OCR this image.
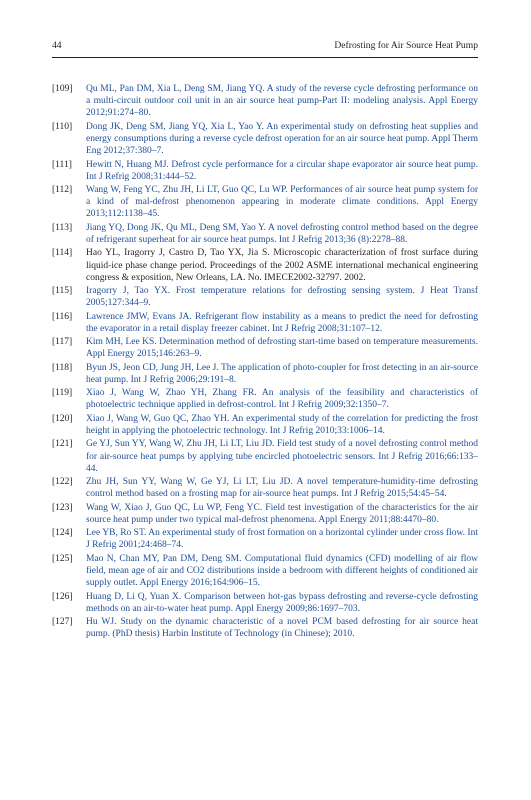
44	Defrosting for Air Source Heat Pump
[109] Qu ML, Pan DM, Xia L, Deng SM, Jiang YQ. A study of the reverse cycle defrosting performance on a multi-circuit outdoor coil unit in an air source heat pump-Part II: modeling analysis. Appl Energy 2012;91:274–80.
[110] Dong JK, Deng SM, Jiang YQ, Xia L, Yao Y. An experimental study on defrosting heat supplies and energy consumptions during a reverse cycle defrost operation for an air source heat pump. Appl Therm Eng 2012;37:380–7.
[111] Hewitt N, Huang MJ. Defrost cycle performance for a circular shape evaporator air source heat pump. Int J Refrig 2008;31:444–52.
[112] Wang W, Feng YC, Zhu JH, Li LT, Guo QC, Lu WP. Performances of air source heat pump system for a kind of mal-defrost phenomenon appearing in moderate climate conditions. Appl Energy 2013;112:1138–45.
[113] Jiang YQ, Dong JK, Qu ML, Deng SM, Yao Y. A novel defrosting control method based on the degree of refrigerant superheat for air source heat pumps. Int J Refrig 2013;36 (8):2278–88.
[114] Hao YL, Iragorry J, Castro D, Tao YX, Jia S. Microscopic characterization of frost surface during liquid-ice phase change period. Proceedings of the 2002 ASME international mechanical engineering congress & exposition, New Orleans, LA. No. IMECE2002-32797. 2002.
[115] Iragorry J, Tao YX. Frost temperature relations for defrosting sensing system. J Heat Transf 2005;127:344–9.
[116] Lawrence JMW, Evans JA. Refrigerant flow instability as a means to predict the need for defrosting the evaporator in a retail display freezer cabinet. Int J Refrig 2008;31:107–12.
[117] Kim MH, Lee KS. Determination method of defrosting start-time based on temperature measurements. Appl Energy 2015;146:263–9.
[118] Byun JS, Jeon CD, Jung JH, Lee J. The application of photo-coupler for frost detecting in an air-source heat pump. Int J Refrig 2006;29:191–8.
[119] Xiao J, Wang W, Zhao YH, Zhang FR. An analysis of the feasibility and characteristics of photoelectric technique applied in defrost-control. Int J Refrig 2009;32:1350–7.
[120] Xiao J, Wang W, Guo QC, Zhao YH. An experimental study of the correlation for predicting the frost height in applying the photoelectric technology. Int J Refrig 2010;33:1006–14.
[121] Ge YJ, Sun YY, Wang W, Zhu JH, Li LT, Liu JD. Field test study of a novel defrosting control method for air-source heat pumps by applying tube encircled photoelectric sensors. Int J Refrig 2016;66:133–44.
[122] Zhu JH, Sun YY, Wang W, Ge YJ, Li LT, Liu JD. A novel temperature-humidity-time defrosting control method based on a frosting map for air-source heat pumps. Int J Refrig 2015;54:45–54.
[123] Wang W, Xiao J, Guo QC, Lu WP, Feng YC. Field test investigation of the characteristics for the air source heat pump under two typical mal-defrost phenomena. Appl Energy 2011;88:4470–80.
[124] Lee YB, Ro ST. An experimental study of frost formation on a horizontal cylinder under cross flow. Int J Refrig 2001;24:468–74.
[125] Mao N, Chan MY, Pan DM, Deng SM. Computational fluid dynamics (CFD) modelling of air flow field, mean age of air and CO2 distributions inside a bedroom with different heights of conditioned air supply outlet. Appl Energy 2016;164:906–15.
[126] Huang D, Li Q, Yuan X. Comparison between hot-gas bypass defrosting and reverse-cycle defrosting methods on an air-to-water heat pump. Appl Energy 2009;86:1697–703.
[127] Hu WJ. Study on the dynamic characteristic of a novel PCM based defrosting for air source heat pump. (PhD thesis) Harbin Institute of Technology (in Chinese); 2010.
